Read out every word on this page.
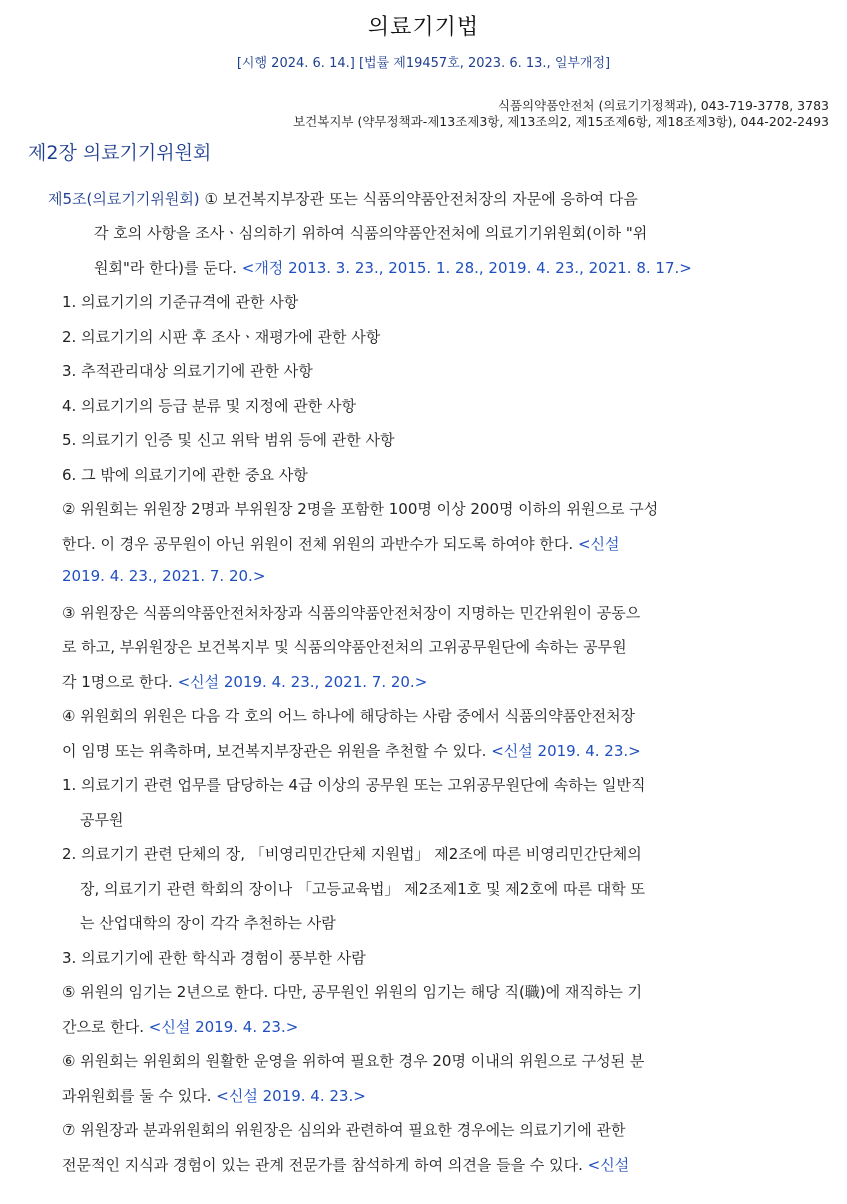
의료기기법
[시행 2024. 6. 14.] [법률 제19457호, 2023. 6. 13., 일부개정]
식품의약품안전처 (의료기기정책과), 043-719-3778, 3783
보건복지부 (약무정책과-제13조제3항, 제13조의2, 제15조제6항, 제18조제3항), 044-202-2493
제2장 의료기기위원회
제5조(의료기기위원회) ① 보건복지부장관 또는 식품의약품안전처장의 자문에 응하여 다음
각 호의 사항을 조사ㆍ심의하기 위하여 식품의약품안전처에 의료기기위원회(이하 "위
원회"라 한다)를 둔다. <개정 2013. 3. 23., 2015. 1. 28., 2019. 4. 23., 2021. 8. 17.>
1. 의료기기의 기준규격에 관한 사항
2. 의료기기의 시판 후 조사ㆍ재평가에 관한 사항
3. 추적관리대상 의료기기에 관한 사항
4. 의료기기의 등급 분류 및 지정에 관한 사항
5. 의료기기 인증 및 신고 위탁 범위 등에 관한 사항
6. 그 밖에 의료기기에 관한 중요 사항
② 위원회는 위원장 2명과 부위원장 2명을 포함한 100명 이상 200명 이하의 위원으로 구성
한다. 이 경우 공무원이 아닌 위원이 전체 위원의 과반수가 되도록 하여야 한다. <신설
2019. 4. 23., 2021. 7. 20.>
③ 위원장은 식품의약품안전처차장과 식품의약품안전처장이 지명하는 민간위원이 공동으
로 하고, 부위원장은 보건복지부 및 식품의약품안전처의 고위공무원단에 속하는 공무원
각 1명으로 한다. <신설 2019. 4. 23., 2021. 7. 20.>
④ 위원회의 위원은 다음 각 호의 어느 하나에 해당하는 사람 중에서 식품의약품안전처장
이 임명 또는 위촉하며, 보건복지부장관은 위원을 추천할 수 있다. <신설 2019. 4. 23.>
1. 의료기기 관련 업무를 담당하는 4급 이상의 공무원 또는 고위공무원단에 속하는 일반직
공무원
2. 의료기기 관련 단체의 장, 「비영리민간단체 지원법」 제2조에 따른 비영리민간단체의
장, 의료기기 관련 학회의 장이나 「고등교육법」 제2조제1호 및 제2호에 따른 대학 또
는 산업대학의 장이 각각 추천하는 사람
3. 의료기기에 관한 학식과 경험이 풍부한 사람
⑤ 위원의 임기는 2년으로 한다. 다만, 공무원인 위원의 임기는 해당 직(職)에 재직하는 기
간으로 한다. <신설 2019. 4. 23.>
⑥ 위원회는 위원회의 원활한 운영을 위하여 필요한 경우 20명 이내의 위원으로 구성된 분
과위원회를 둘 수 있다. <신설 2019. 4. 23.>
⑦ 위원장과 분과위원회의 위원장은 심의와 관련하여 필요한 경우에는 의료기기에 관한
전문적인 지식과 경험이 있는 관계 전문가를 참석하게 하여 의견을 들을 수 있다. <신설
